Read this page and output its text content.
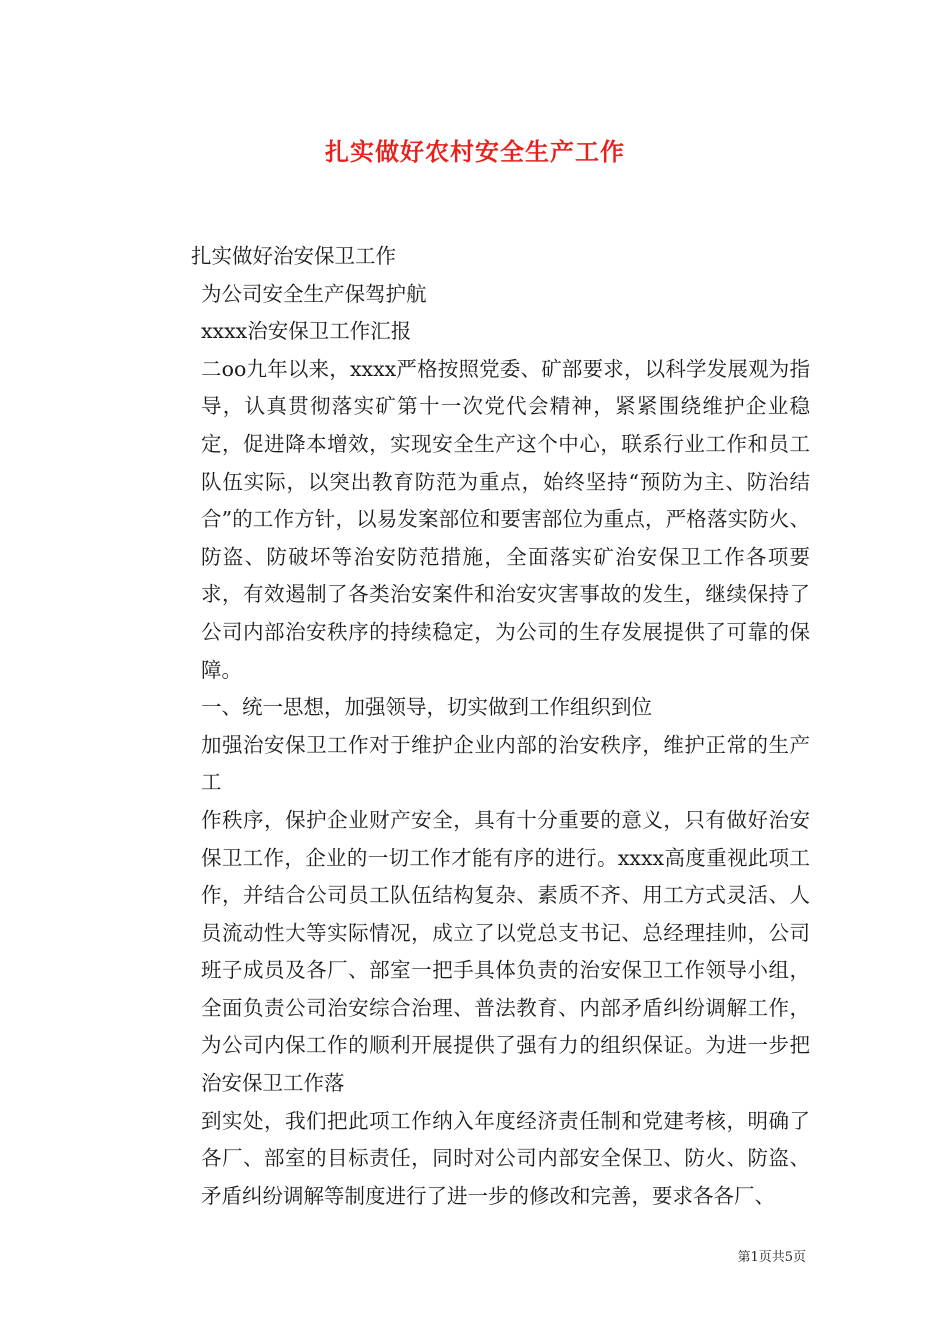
扎实做好农村安全生产工作

扎实做好治安保卫工作

为公司安全生产保驾护航

xxxx治安保卫工作汇报

二oo九年以来，xxxx严格按照党委、矿部要求，以科学发展观为指导，认真贯彻落实矿第十一次党代会精神，紧紧围绕维护企业稳定，促进降本增效，实现安全生产这个中心，联系行业工作和员工队伍实际，以突出教育防范为重点，始终坚持“预防为主、防治结合”的工作方针，以易发案部位和要害部位为重点，严格落实防火、防盗、防破坏等治安防范措施，全面落实矿治安保卫工作各项要求，有效遏制了各类治安案件和治安灾害事故的发生，继续保持了公司内部治安秩序的持续稳定，为公司的生存发展提供了可靠的保障。

一、统一思想，加强领导，切实做到工作组织到位

加强治安保卫工作对于维护企业内部的治安秩序，维护正常的生产工

作秩序，保护企业财产安全，具有十分重要的意义，只有做好治安保卫工作，企业的一切工作才能有序的进行。xxxx高度重视此项工作，并结合公司员工队伍结构复杂、素质不齐、用工方式灵活、人员流动性大等实际情况，成立了以党总支书记、总经理挂帅，公司班子成员及各厂、部室一把手具体负责的治安保卫工作领导小组，全面负责公司治安综合治理、普法教育、内部矛盾纠纷调解工作，为公司内保工作的顺利开展提供了强有力的组织保证。为进一步把治安保卫工作落

到实处，我们把此项工作纳入年度经济责任制和党建考核，明确了各厂、部室的目标责任，同时对公司内部安全保卫、防火、防盗、矛盾纠纷调解等制度进行了进一步的修改和完善，要求各各厂、

第1页共5页
